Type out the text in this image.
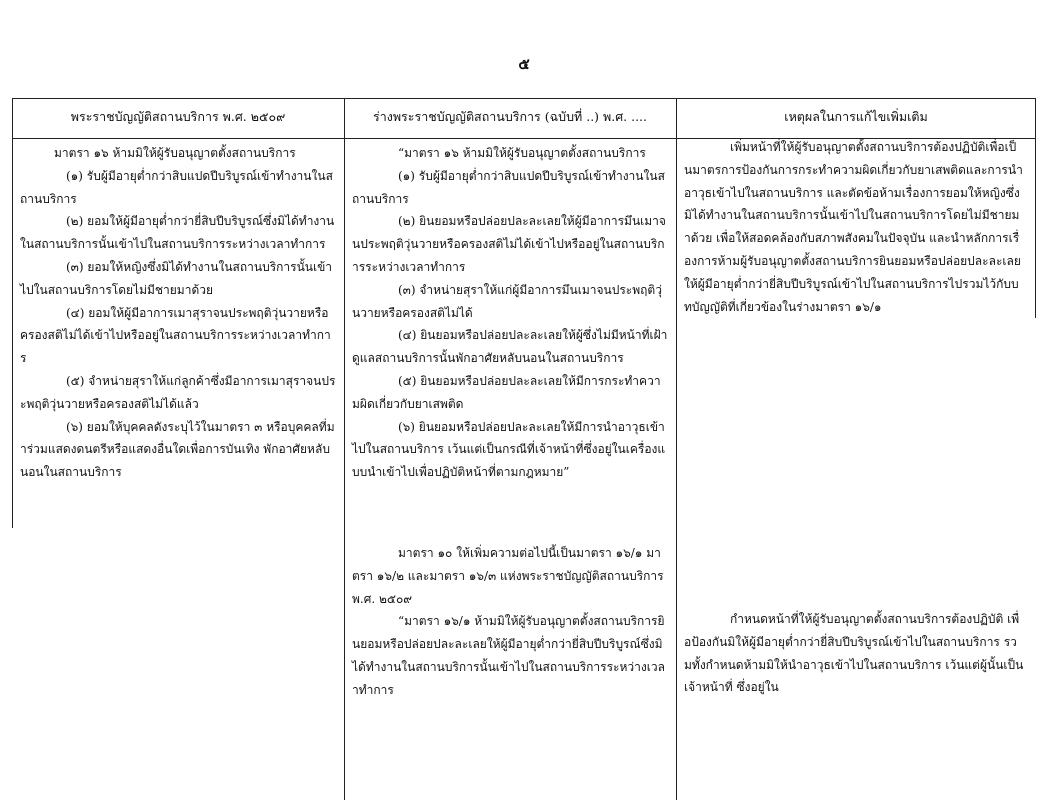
๕
พระราชบัญญัติสถานบริการ พ.ศ. ๒๕๐๙	ร่างพระราชบัญญัติสถานบริการ (ฉบับที่ ..) พ.ศ. ....	เหตุผลในการแก้ไขเพิ่มเติม

มาตรา ๑๖ ห้ามมิให้ผู้รับอนุญาตตั้งสถานบริการ

(๑) รับผู้มีอายุต่ำกว่าสิบแปดปีบริบูรณ์เข้าทำงานในสถานบริการ

(๒) ยอมให้ผู้มีอายุต่ำกว่ายี่สิบปีบริบูรณ์ซึ่งมิได้ทำงานในสถานบริการนั้นเข้าไปในสถานบริการระหว่างเวลาทำการ

(๓) ยอมให้หญิงซึ่งมิได้ทำงานในสถานบริการนั้นเข้าไปในสถานบริการโดยไม่มีชายมาด้วย

(๔) ยอมให้ผู้มีอาการเมาสุราจนประพฤติวุ่นวายหรือครองสติไม่ได้เข้าไปหรืออยู่ในสถานบริการระหว่างเวลาทำการ

(๕) จำหน่ายสุราให้แก่ลูกค้าซึ่งมีอาการเมาสุราจนประพฤติวุ่นวายหรือครองสติไม่ได้แล้ว

(๖) ยอมให้บุคคลดังระบุไว้ในมาตรา ๓ หรือบุคคลที่มาร่วมแสดงดนตรีหรือแสดงอื่นใดเพื่อการบันเทิง พักอาศัยหลับนอนในสถานบริการ

“มาตรา ๑๖ ห้ามมิให้ผู้รับอนุญาตตั้งสถานบริการ

(๑) รับผู้มีอายุต่ำกว่าสิบแปดปีบริบูรณ์เข้าทำงานในสถานบริการ

(๒) ยินยอมหรือปล่อยปละละเลยให้ผู้มีอาการมึนเมาจนประพฤติวุ่นวายหรือครองสติไม่ได้เข้าไปหรืออยู่ในสถานบริการระหว่างเวลาทำการ

(๓) จำหน่ายสุราให้แก่ผู้มีอาการมึนเมาจนประพฤติวุ่นวายหรือครองสติไม่ได้

(๔) ยินยอมหรือปล่อยปละละเลยให้ผู้ซึ่งไม่มีหน้าที่เฝ้าดูแลสถานบริการนั้นพักอาศัยหลับนอนในสถานบริการ

(๕) ยินยอมหรือปล่อยปละละเลยให้มีการกระทำความผิดเกี่ยวกับยาเสพติด

(๖) ยินยอมหรือปล่อยปละละเลยให้มีการนำอาวุธเข้าไปในสถานบริการ เว้นแต่เป็นกรณีที่เจ้าหน้าที่ซึ่งอยู่ในเครื่องแบบนำเข้าไปเพื่อปฏิบัติหน้าที่ตามกฎหมาย”

มาตรา ๑๐ ให้เพิ่มความต่อไปนี้เป็นมาตรา ๑๖/๑ มาตรา ๑๖/๒ และมาตรา ๑๖/๓ แห่งพระราชบัญญัติสถานบริการ พ.ศ. ๒๕๐๙

“มาตรา ๑๖/๑ ห้ามมิให้ผู้รับอนุญาตตั้งสถานบริการยินยอมหรือปล่อยปละละเลยให้ผู้มีอายุต่ำกว่ายี่สิบปีบริบูรณ์ซึ่งมิได้ทำงานในสถานบริการนั้นเข้าไปในสถานบริการระหว่างเวลาทำการ

เพิ่มหน้าที่ให้ผู้รับอนุญาตตั้งสถานบริการต้องปฏิบัติเพื่อเป็นมาตรการป้องกันการกระทำความผิดเกี่ยวกับยาเสพติดและการนำอาวุธเข้าไปในสถานบริการ และตัดข้อห้ามเรื่องการยอมให้หญิงซึ่งมิได้ทำงานในสถานบริการนั้นเข้าไปในสถานบริการโดยไม่มีชายมาด้วย เพื่อให้สอดคล้องกับสภาพสังคมในปัจจุบัน และนำหลักการเรื่องการห้ามผู้รับอนุญาตตั้งสถานบริการยินยอมหรือปล่อยปละละเลยให้ผู้มีอายุต่ำกว่ายี่สิบปีบริบูรณ์เข้าไปในสถานบริการไปรวมไว้กับบทบัญญัติที่เกี่ยวข้องในร่างมาตรา ๑๖/๑

กำหนดหน้าที่ให้ผู้รับอนุญาตตั้งสถานบริการต้องปฏิบัติ เพื่อป้องกันมิให้ผู้มีอายุต่ำกว่ายี่สิบปีบริบูรณ์เข้าไปในสถานบริการ รวมทั้งกำหนดห้ามมิให้นำอาวุธเข้าไปในสถานบริการ เว้นแต่ผู้นั้นเป็นเจ้าหน้าที่ ซึ่งอยู่ใน
